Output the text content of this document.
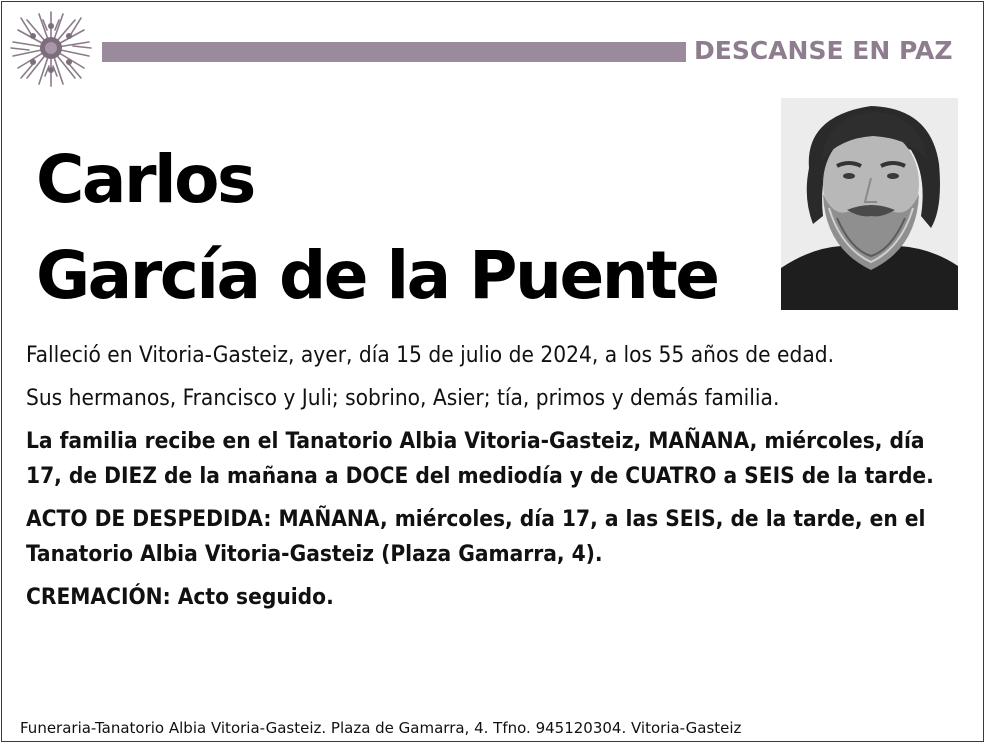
DESCANSE EN PAZ
Carlos
García de la Puente

Falleció en Vitoria-Gasteiz, ayer, día 15 de julio de 2024, a los 55 años de edad.

Sus hermanos, Francisco y Juli; sobrino, Asier; tía, primos y demás familia.

La familia recibe en el Tanatorio Albia Vitoria-Gasteiz, MAÑANA, miércoles, día 17, de DIEZ de la mañana a DOCE del mediodía y de CUATRO a SEIS de la tarde.

ACTO DE DESPEDIDA: MAÑANA, miércoles, día 17, a las SEIS, de la tarde, en el Tanatorio Albia Vitoria-Gasteiz (Plaza Gamarra, 4).

CREMACIÓN: Acto seguido.

Funeraria-Tanatorio Albia Vitoria-Gasteiz. Plaza de Gamarra, 4. Tfno. 945120304. Vitoria-Gasteiz
